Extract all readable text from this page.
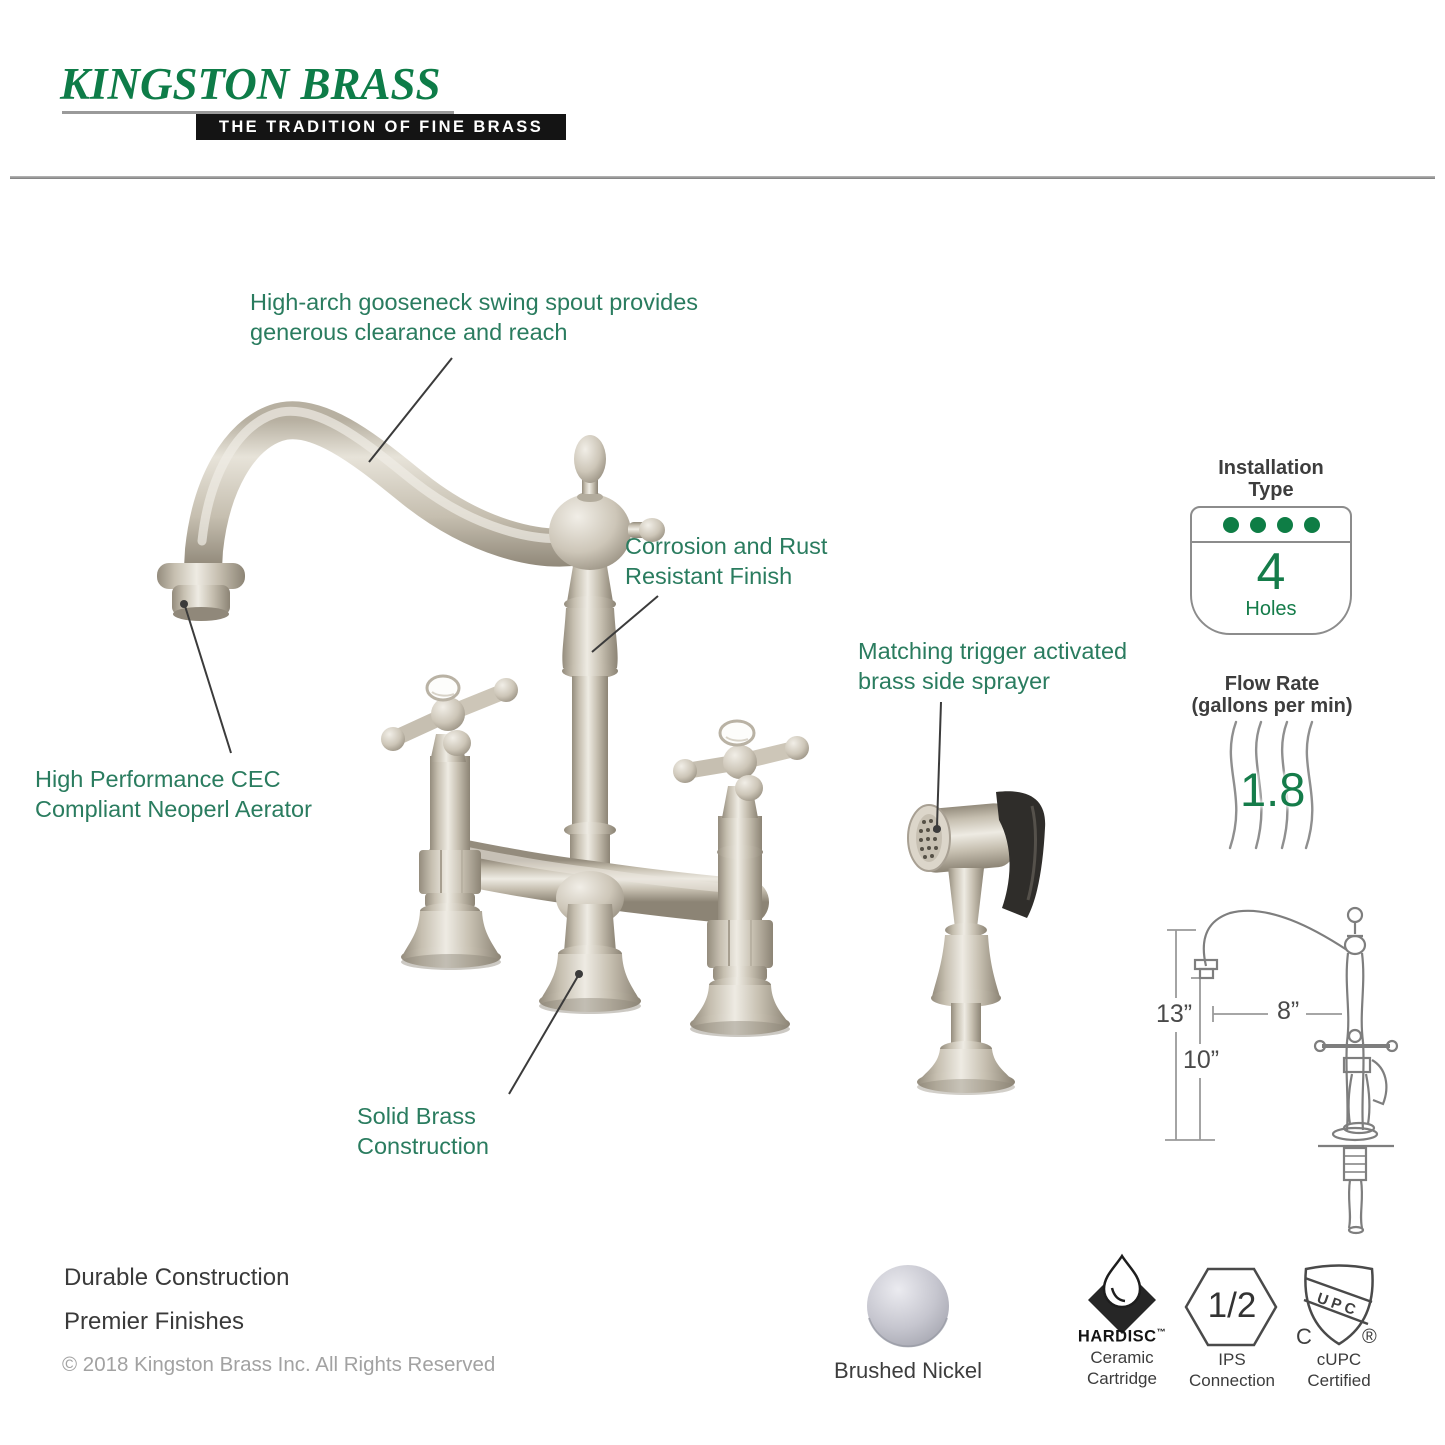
UPC
KINGSTON BRASS
THE TRADITION OF FINE BRASS
High-arch gooseneck swing spout provides
generous clearance and reach
Corrosion and Rust
Resistant Finish
High Performance CEC
Compliant Neoperl Aerator
Matching trigger activated
brass side sprayer
Solid Brass
Construction
Installation
Type
4
Holes
Flow Rate
(gallons per min)
1.8
13”	8”
10”
Durable Construction
Premier Finishes
© 2018 Kingston Brass Inc. All Rights Reserved	Brushed Nickel
HARDISC™
Ceramic
Cartridge
1/2
IPS
Connection
C	®
cUPC
Certified
